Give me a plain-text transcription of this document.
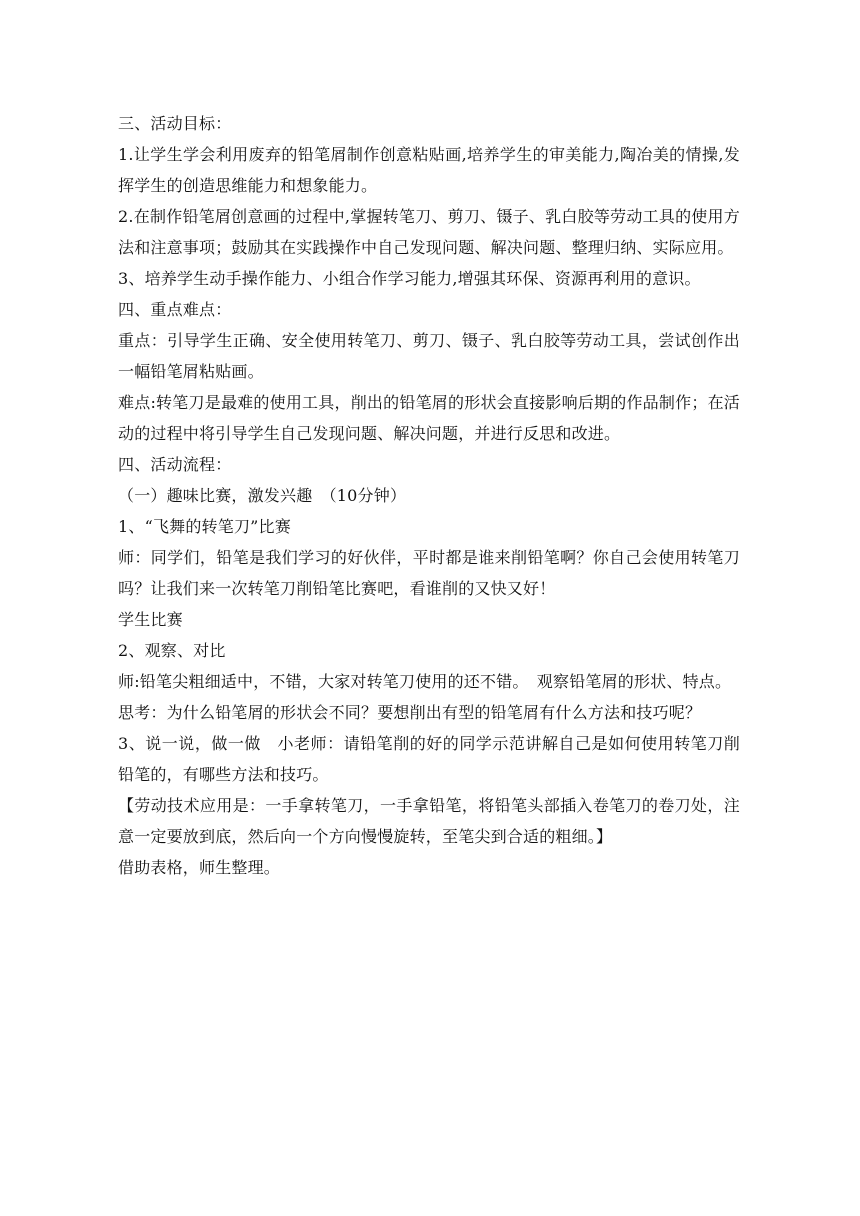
三、活动目标：

1.让学生学会利用废弃的铅笔屑制作创意粘贴画,培养学生的审美能力,陶冶美的情操,发挥学生的创造思维能力和想象能力。

2.在制作铅笔屑创意画的过程中,掌握转笔刀、剪刀、镊子、乳白胶等劳动工具的使用方法和注意事项；鼓励其在实践操作中自己发现问题、解决问题、整理归纳、实际应用。

3、培养学生动手操作能力、小组合作学习能力,增强其环保、资源再利用的意识。

四、重点难点：

重点：引导学生正确、安全使用转笔刀、剪刀、镊子、乳白胶等劳动工具，尝试创作出一幅铅笔屑粘贴画。

难点:转笔刀是最难的使用工具，削出的铅笔屑的形状会直接影响后期的作品制作；在活动的过程中将引导学生自己发现问题、解决问题，并进行反思和改进。

四、活动流程：

（一）趣味比赛，激发兴趣　（10分钟）

1、“飞舞的转笔刀”比赛

师：同学们，铅笔是我们学习的好伙伴，平时都是谁来削铅笔啊？你自己会使用转笔刀吗？让我们来一次转笔刀削铅笔比赛吧，看谁削的又快又好！

学生比赛

2、观察、对比

师:铅笔尖粗细适中，不错，大家对转笔刀使用的还不错。　观察铅笔屑的形状、特点。

思考：为什么铅笔屑的形状会不同？要想削出有型的铅笔屑有什么方法和技巧呢？

3、说一说，做一做　小老师：请铅笔削的好的同学示范讲解自己是如何使用转笔刀削铅笔的，有哪些方法和技巧。

【劳动技术应用是：一手拿转笔刀，一手拿铅笔，将铅笔头部插入卷笔刀的卷刀处，注意一定要放到底，然后向一个方向慢慢旋转，至笔尖到合适的粗细。】

借助表格，师生整理。
